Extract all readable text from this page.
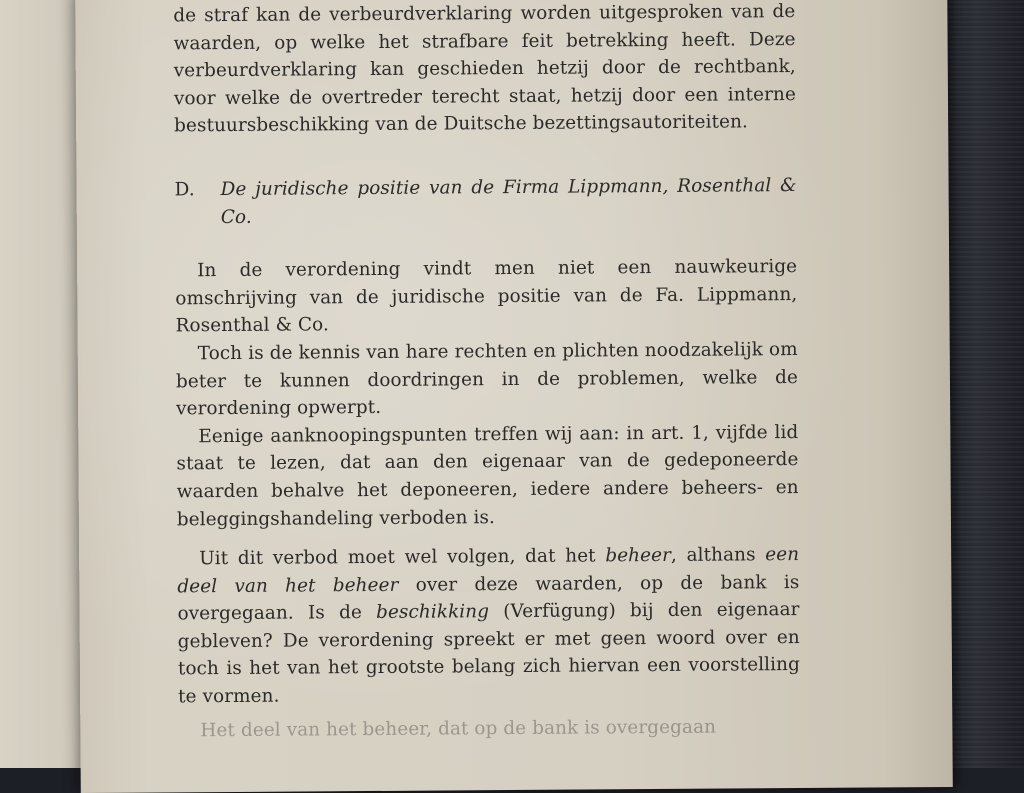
de straf kan de verbeurdverklaring worden uitgesproken van de waarden, op welke het strafbare feit betrekking heeft. Deze verbeurdverklaring kan geschieden hetzij door de rechtbank, voor welke de overtreder terecht staat, hetzij door een interne bestuursbeschikking van de Duitsche bezettingsautoriteiten.

D.	De juridische positie van de Firma Lippmann, Rosenthal & Co.

In de verordening vindt men niet een nauwkeurige omschrijving van de juridische positie van de Fa. Lippmann, Rosenthal & Co.

Toch is de kennis van hare rechten en plichten noodzakelijk om beter te kunnen doordringen in de problemen, welke de verordening opwerpt.

Eenige aanknoopingspunten treffen wij aan: in art. 1, vijfde lid staat te lezen, dat aan den eigenaar van de gedeponeerde waarden behalve het deponeeren, iedere andere beheers- en beleggingshandeling verboden is.

Uit dit verbod moet wel volgen, dat het beheer, althans een deel van het beheer over deze waarden, op de bank is overgegaan. Is de beschikking (Verfügung) bij den eigenaar gebleven? De verordening spreekt er met geen woord over en toch is het van het grootste belang zich hiervan een voorstelling te vormen.

Het deel van het beheer, dat op de bank is overgegaan
